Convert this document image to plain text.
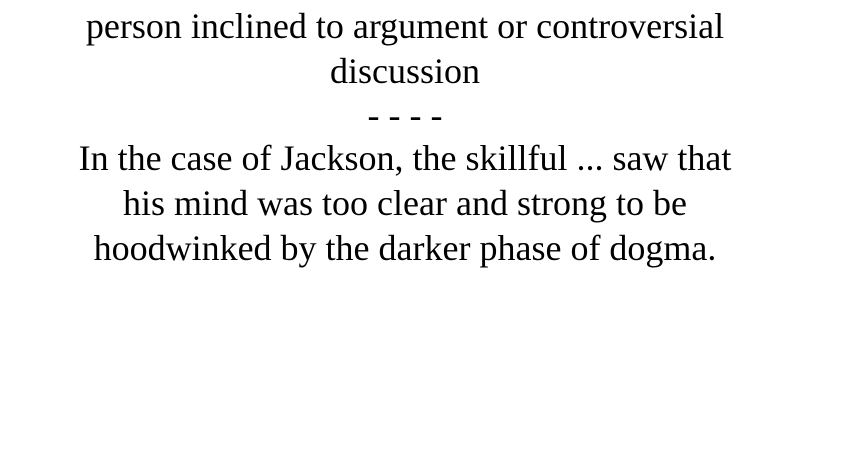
person inclined to argument or controversial
discussion
- - - -
In the case of Jackson, the skillful ... saw that
his mind was too clear and strong to be
hoodwinked by the darker phase of dogma.
